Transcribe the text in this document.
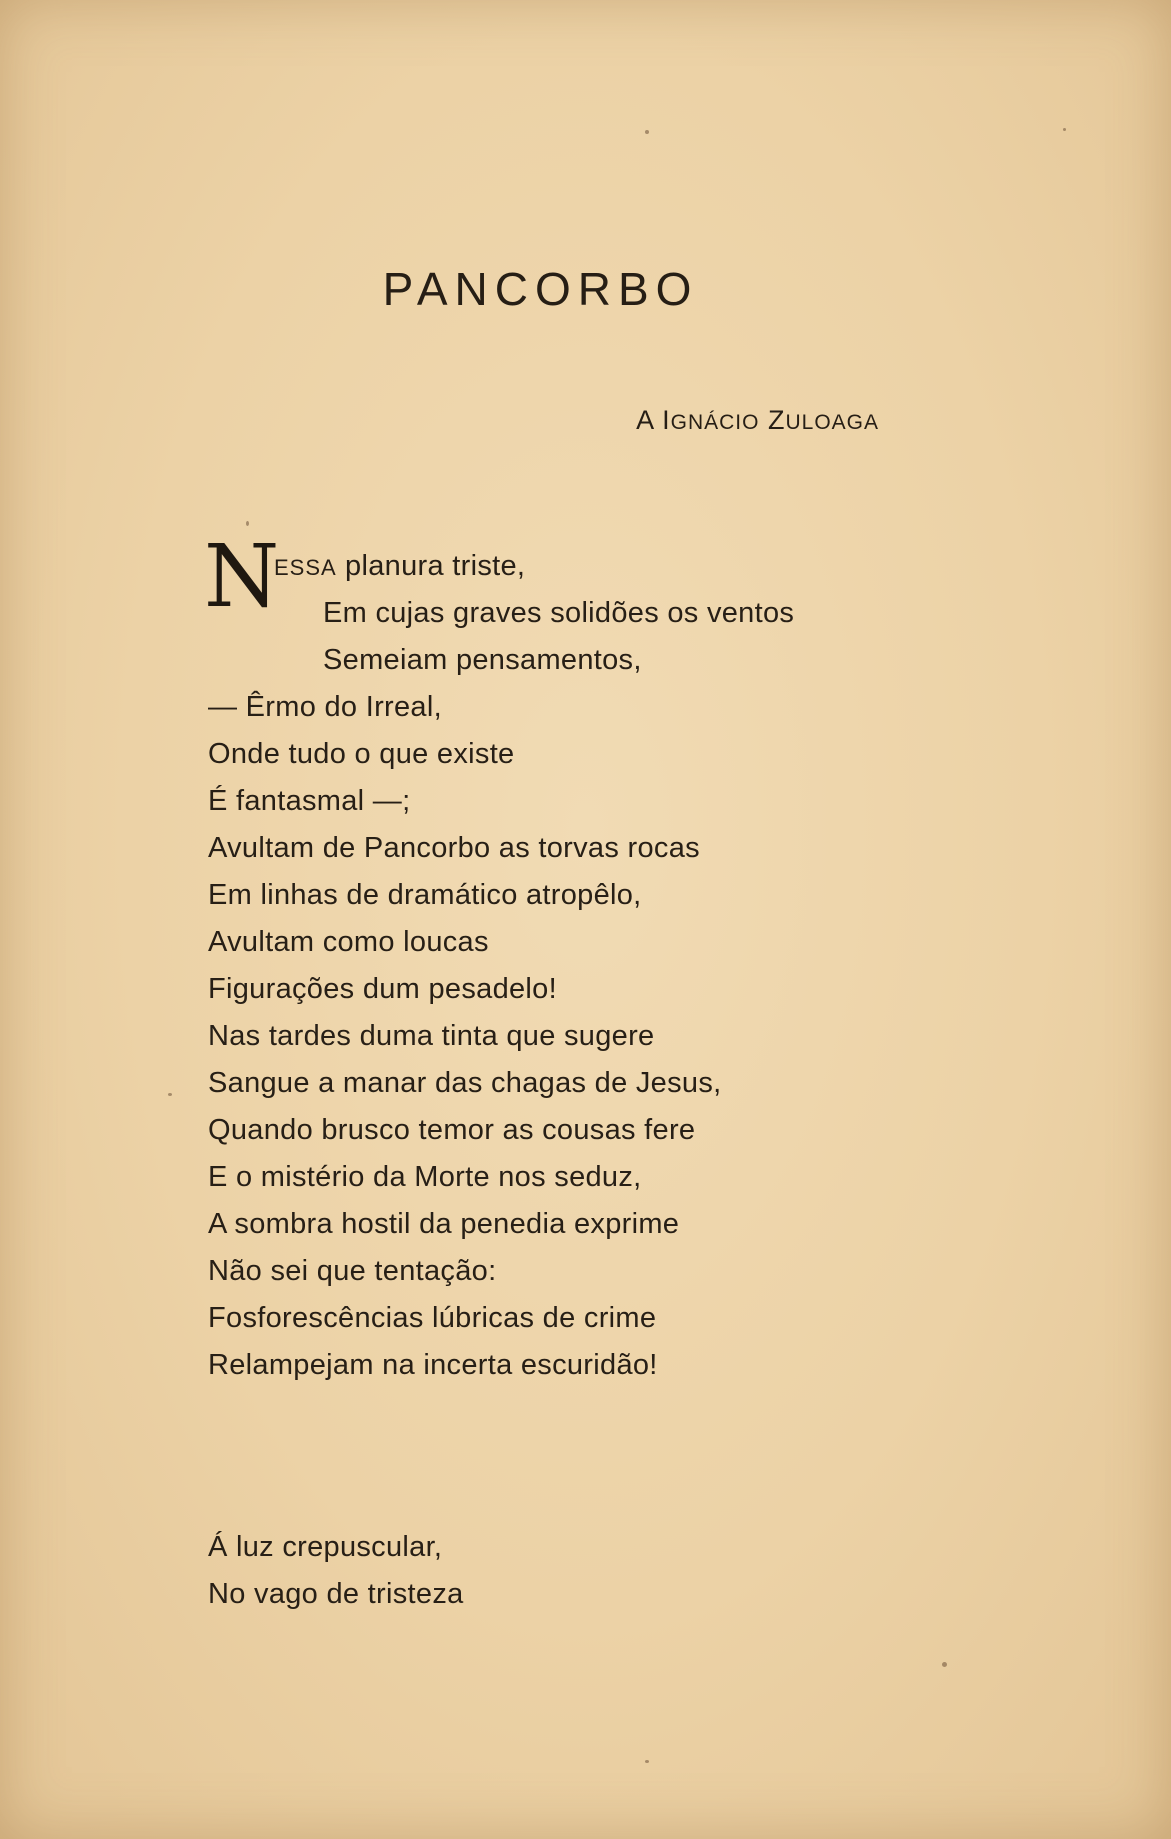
PANCORBO
A IGNÁCIO ZULOAGA
N
ESSA planura triste,
Em cujas graves solidões os ventos
Semeiam pensamentos,
— Êrmo do Irreal,
Onde tudo o que existe
É fantasmal —;
Avultam de Pancorbo as torvas rocas
Em linhas de dramático atropêlo,
Avultam como loucas
Figurações dum pesadelo!
Nas tardes duma tinta que sugere
Sangue a manar das chagas de Jesus,
Quando brusco temor as cousas fere
E o mistério da Morte nos seduz,
A sombra hostil da penedia exprime
Não sei que tentação:
Fosforescências lúbricas de crime
Relampejam na incerta escuridão!
Á luz crepuscular,
No vago de tristeza
